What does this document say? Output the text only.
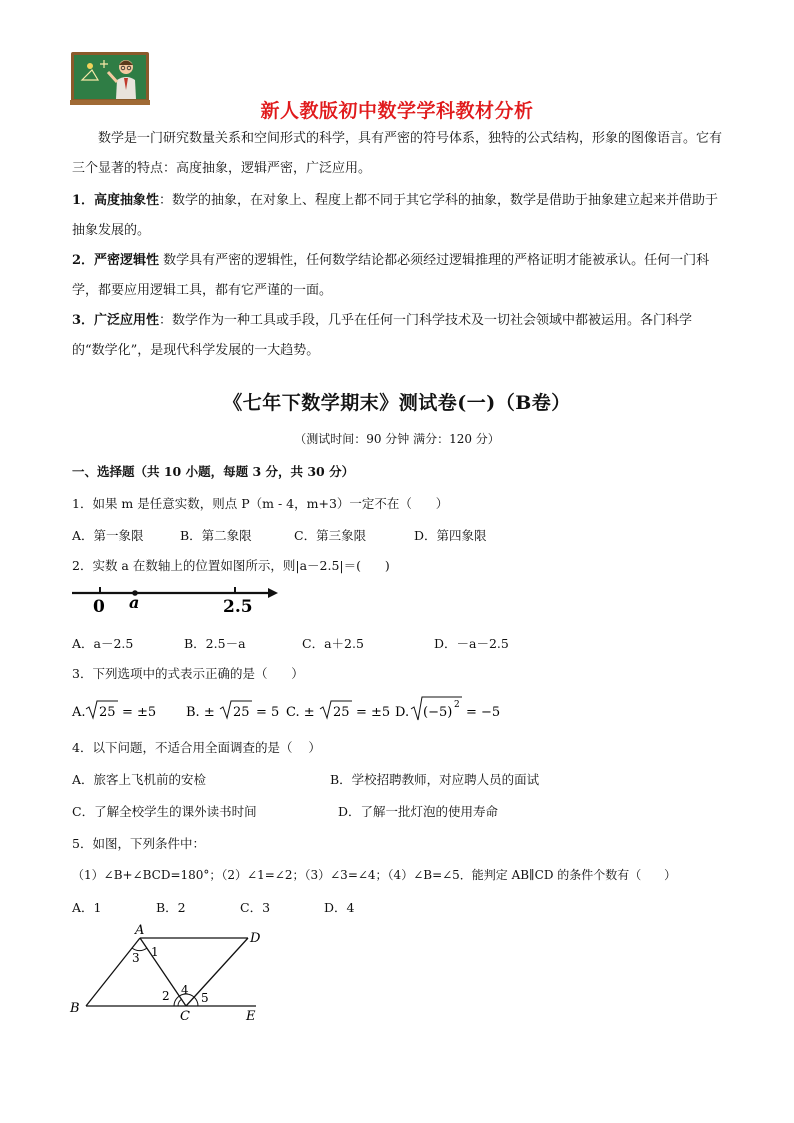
新人教版初中数学学科教材分析
数学是一门研究数量关系和空间形式的科学，具有严密的符号体系，独特的公式结构，形象的图像语言。它有三个显著的特点：高度抽象，逻辑严密，广泛应用。
1．高度抽象性：数学的抽象，在对象上、程度上都不同于其它学科的抽象，数学是借助于抽象建立起来并借助于抽象发展的。
2．严密逻辑性 数学具有严密的逻辑性，任何数学结论都必须经过逻辑推理的严格证明才能被承认。任何一门科学，都要应用逻辑工具，都有它严谨的一面。
3．广泛应用性：数学作为一种工具或手段，几乎在任何一门科学技术及一切社会领域中都被运用。各门科学的“数学化”，是现代科学发展的一大趋势。
《七年下数学期末》测试卷(一)（B卷）
（测试时间：90 分钟 满分：120 分）
一、选择题（共 10 小题，每题 3 分，共 30 分）
1．如果 m 是任意实数，则点 P（m - 4，m+3）一定不在（      ）
A．第一象限	B．第二象限	C．第三象限	D．第四象限
2．实数 a 在数轴上的位置如图所示，则|a－2.5|＝(      )
0 a	2.5
A．a－2.5	B．2.5－a	C．a＋2.5	D．－a－2.5
3．下列选项中的式表示正确的是（      ）
A. 25 = ±5 B. ± 25 = 5 C. ± 25 = ±5 D. (−5) 2 = −5
4．以下问题，不适合用全面调查的是（    ）
A．旅客上飞机前的安检	B．学校招聘教师，对应聘人员的面试
C．了解全校学生的课外读书时间	D．了解一批灯泡的使用寿命
5．如图，下列条件中：
（1）∠B+∠BCD=180°；（2）∠1=∠2；（3）∠3=∠4；（4）∠B=∠5．能判定 AB∥CD 的条件个数有（      ）
A．1	B．2	C．3	D．4
A
D
B
C	E
1
3
2 4
5
